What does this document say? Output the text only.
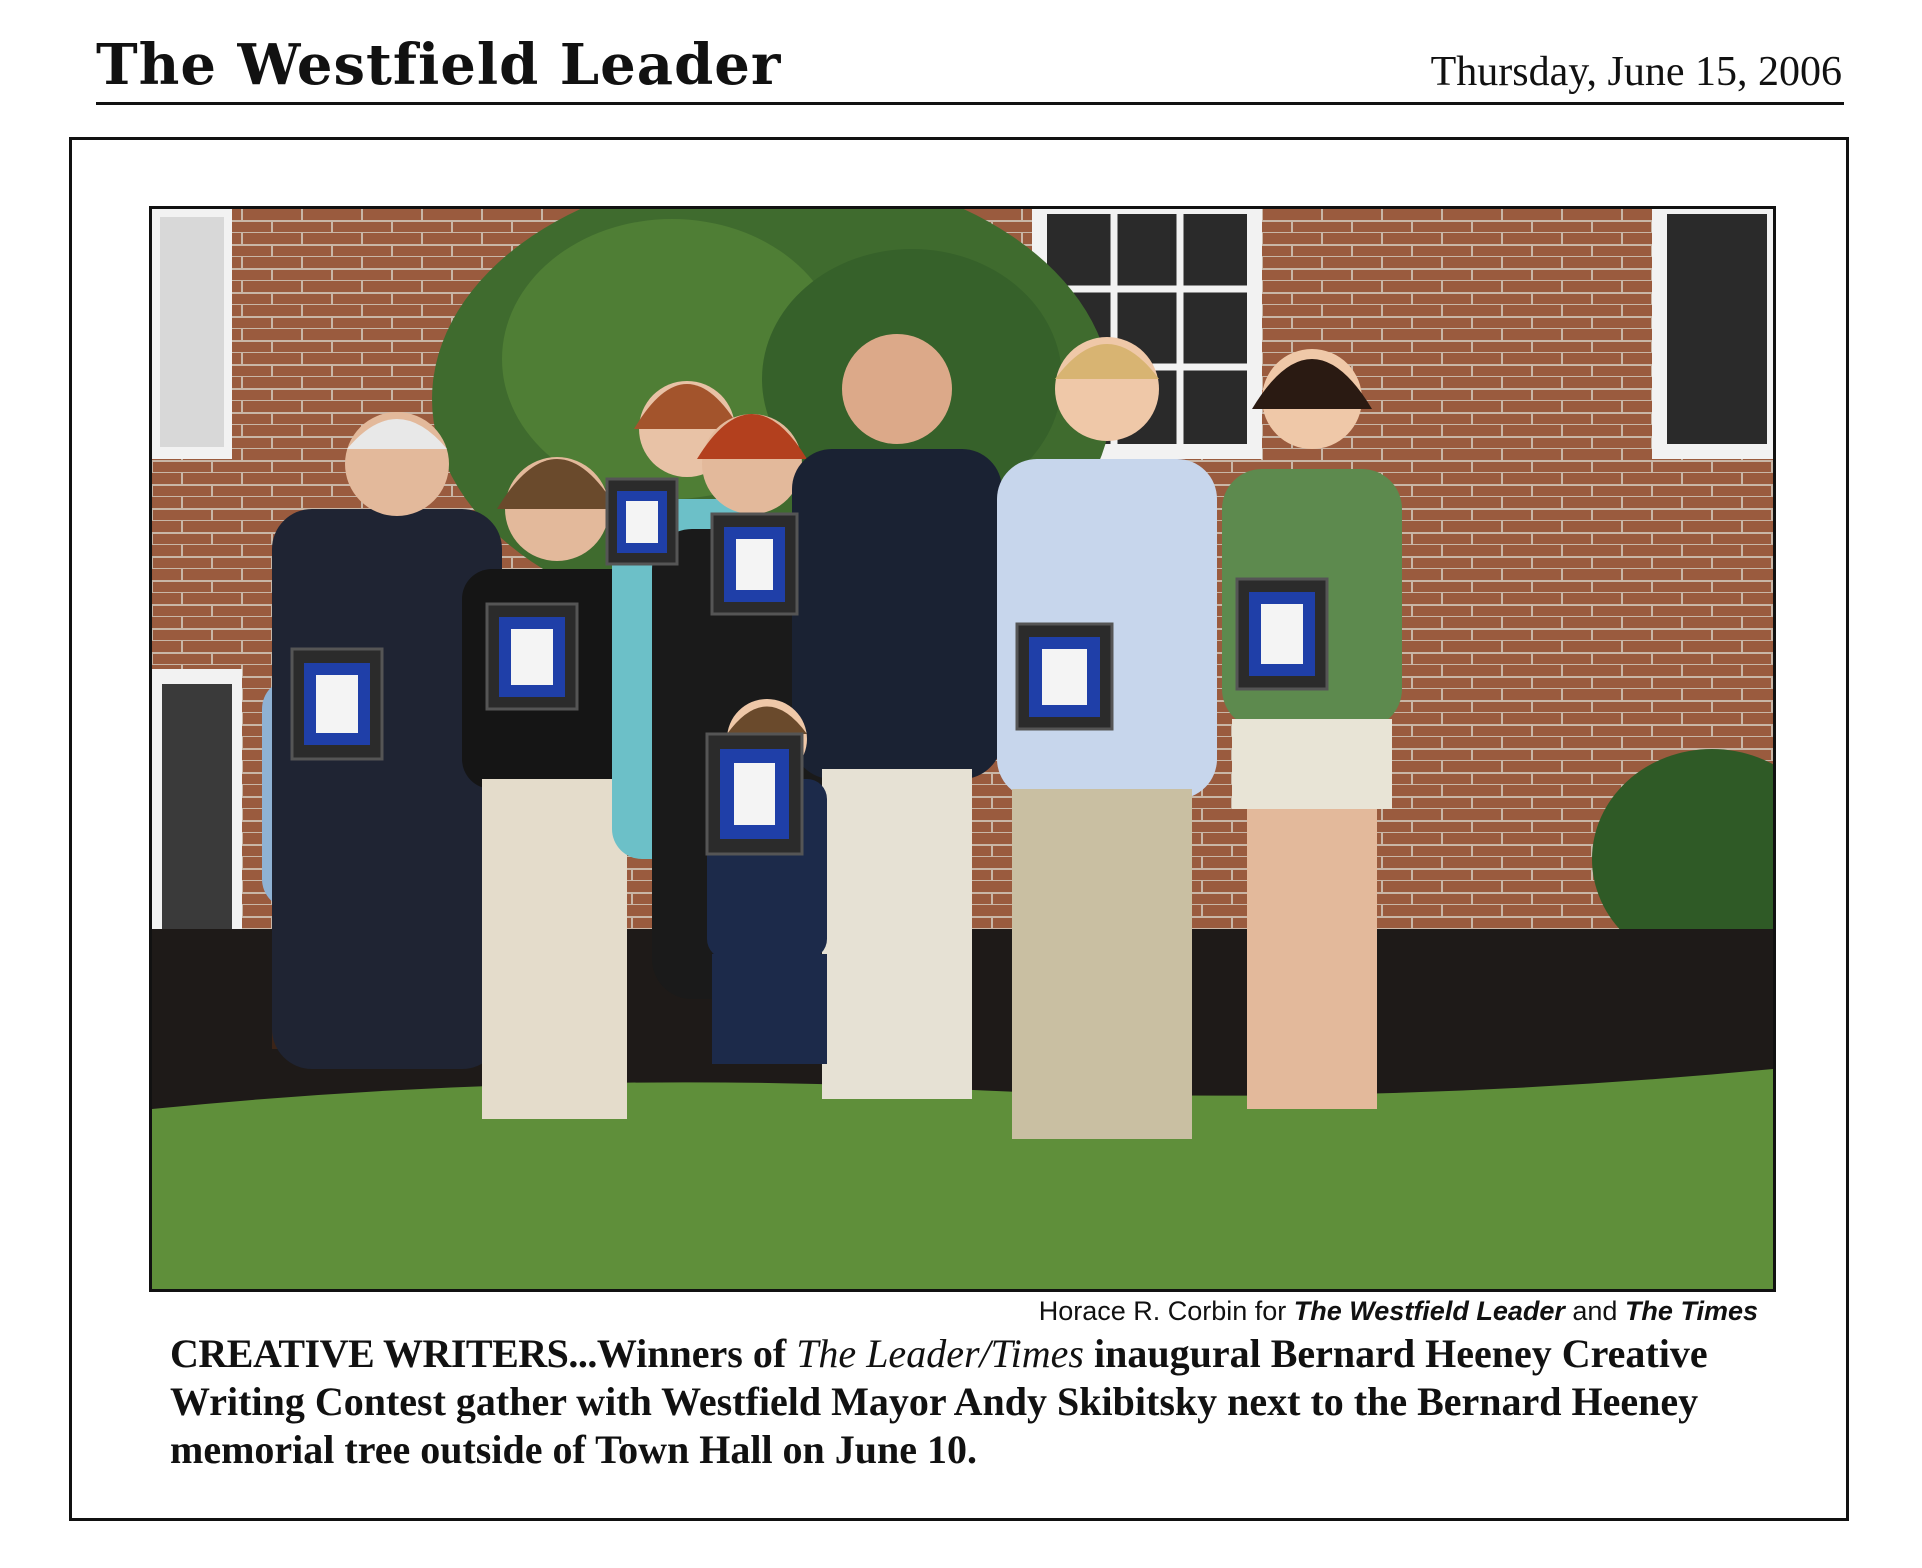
The Westfield Leader	Thursday, June 15, 2006
Horace R. Corbin for The Westfield Leader and The Times
CREATIVE WRITERS...Winners of The Leader/Times inaugural Bernard Heeney Creative Writing Contest gather with Westfield Mayor Andy Skibitsky next to the Bernard Heeney memorial tree outside of Town Hall on June 10.
